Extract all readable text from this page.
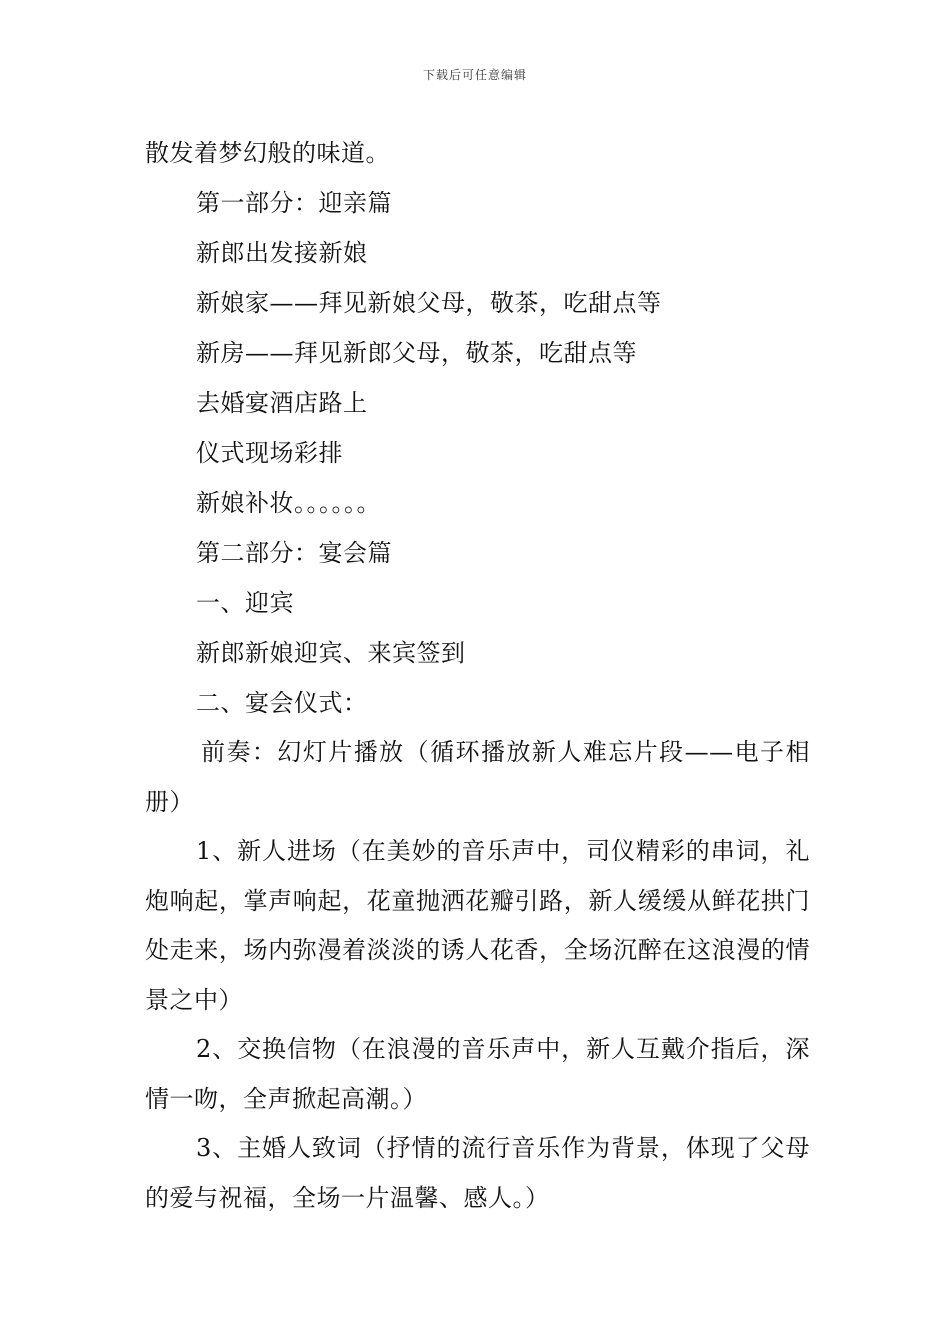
下载后可任意编辑
散发着梦幻般的味道。
第一部分：迎亲篇
新郎出发接新娘
新娘家——拜见新娘父母，敬茶，吃甜点等
新房——拜见新郎父母，敬茶，吃甜点等
去婚宴酒店路上
仪式现场彩排
新娘补妆。。。。。。
第二部分：宴会篇
一、迎宾
新郎新娘迎宾、来宾签到
二、宴会仪式：
前奏：幻灯片播放（循环播放新人难忘片段——电子相册）
1、新人进场（在美妙的音乐声中，司仪精彩的串词，礼炮响起，掌声响起，花童抛洒花瓣引路，新人缓缓从鲜花拱门处走来，场内弥漫着淡淡的诱人花香，全场沉醉在这浪漫的情景之中）
2、交换信物（在浪漫的音乐声中，新人互戴介指后，深情一吻，全声掀起高潮。）
3、主婚人致词（抒情的流行音乐作为背景，体现了父母的爱与祝福，全场一片温馨、感人。）
